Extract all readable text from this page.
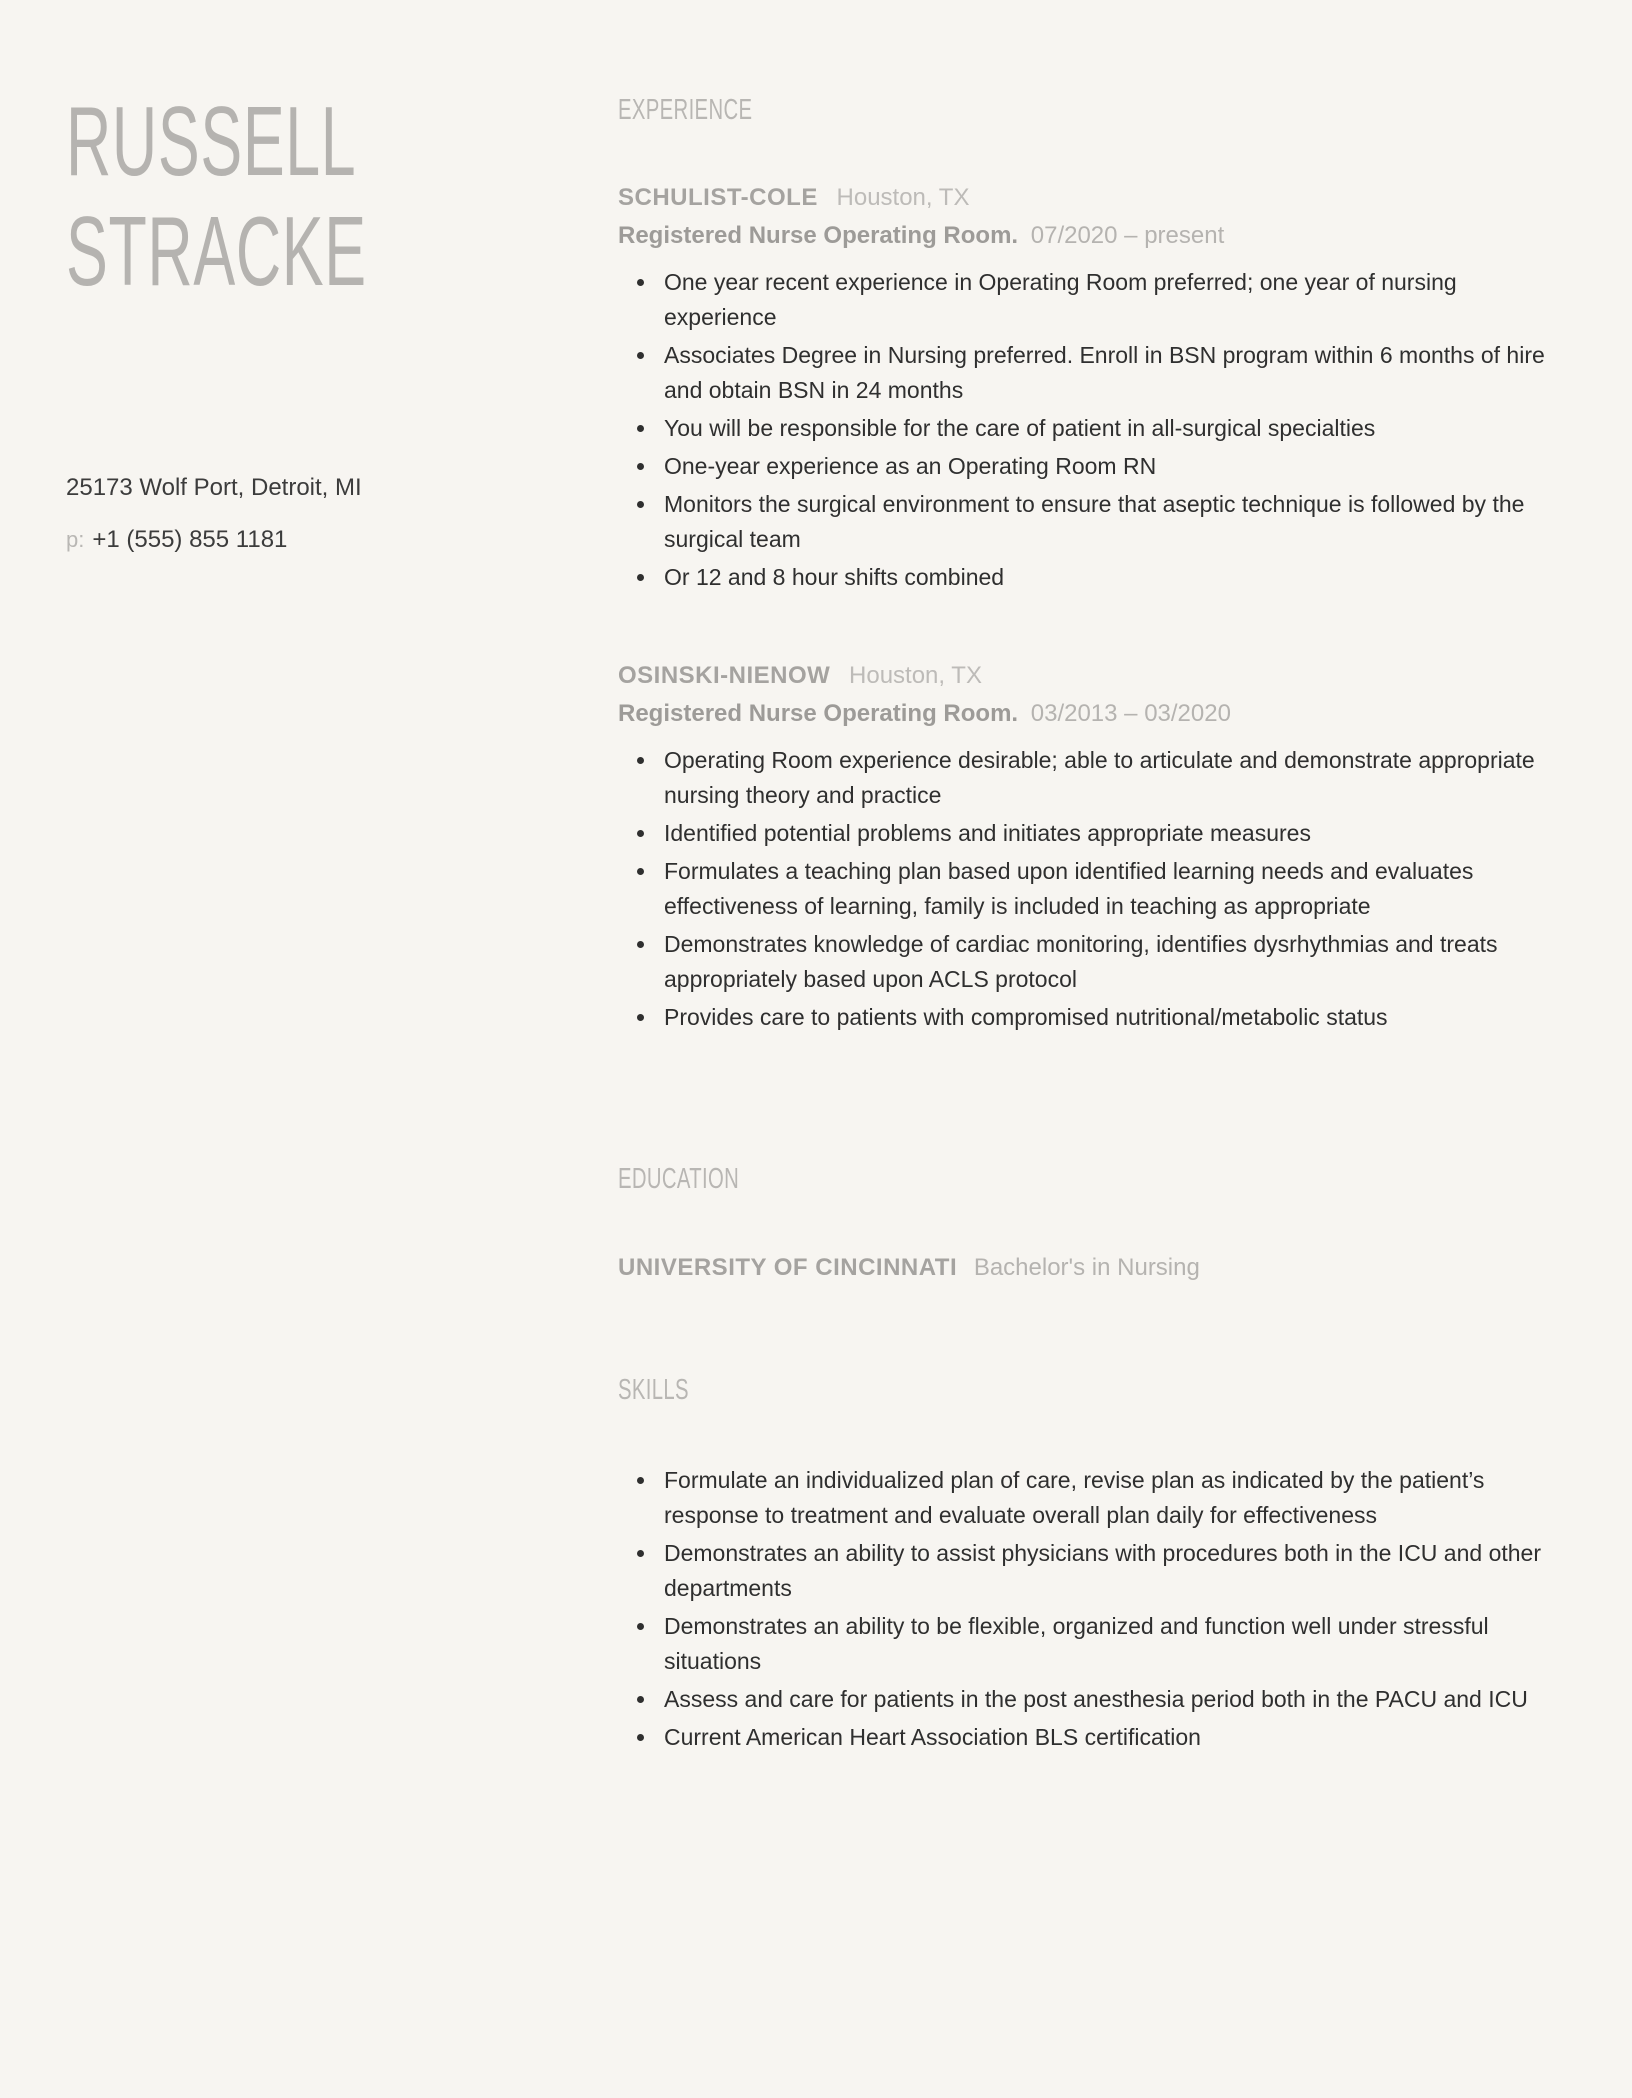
RUSSELL
STRACKE
25173 Wolf Port, Detroit, MI
p: +1 (555) 855 1181
EXPERIENCE
SCHULIST-COLE Houston, TX
Registered Nurse Operating Room. 07/2020 – present
• One year recent experience in Operating Room preferred; one year of nursing experience
• Associates Degree in Nursing preferred. Enroll in BSN program within 6 months of hire and obtain BSN in 24 months
• You will be responsible for the care of patient in all-surgical specialties
• One-year experience as an Operating Room RN
• Monitors the surgical environment to ensure that aseptic technique is followed by the surgical team
• Or 12 and 8 hour shifts combined
OSINSKI-NIENOW Houston, TX
Registered Nurse Operating Room. 03/2013 – 03/2020
• Operating Room experience desirable; able to articulate and demonstrate appropriate nursing theory and practice
• Identified potential problems and initiates appropriate measures
• Formulates a teaching plan based upon identified learning needs and evaluates effectiveness of learning, family is included in teaching as appropriate
• Demonstrates knowledge of cardiac monitoring, identifies dysrhythmias and treats appropriately based upon ACLS protocol
• Provides care to patients with compromised nutritional/metabolic status
EDUCATION
UNIVERSITY OF CINCINNATI Bachelor's in Nursing
SKILLS
• Formulate an individualized plan of care, revise plan as indicated by the patient’s response to treatment and evaluate overall plan daily for effectiveness
• Demonstrates an ability to assist physicians with procedures both in the ICU and other departments
• Demonstrates an ability to be flexible, organized and function well under stressful situations
• Assess and care for patients in the post anesthesia period both in the PACU and ICU
• Current American Heart Association BLS certification
